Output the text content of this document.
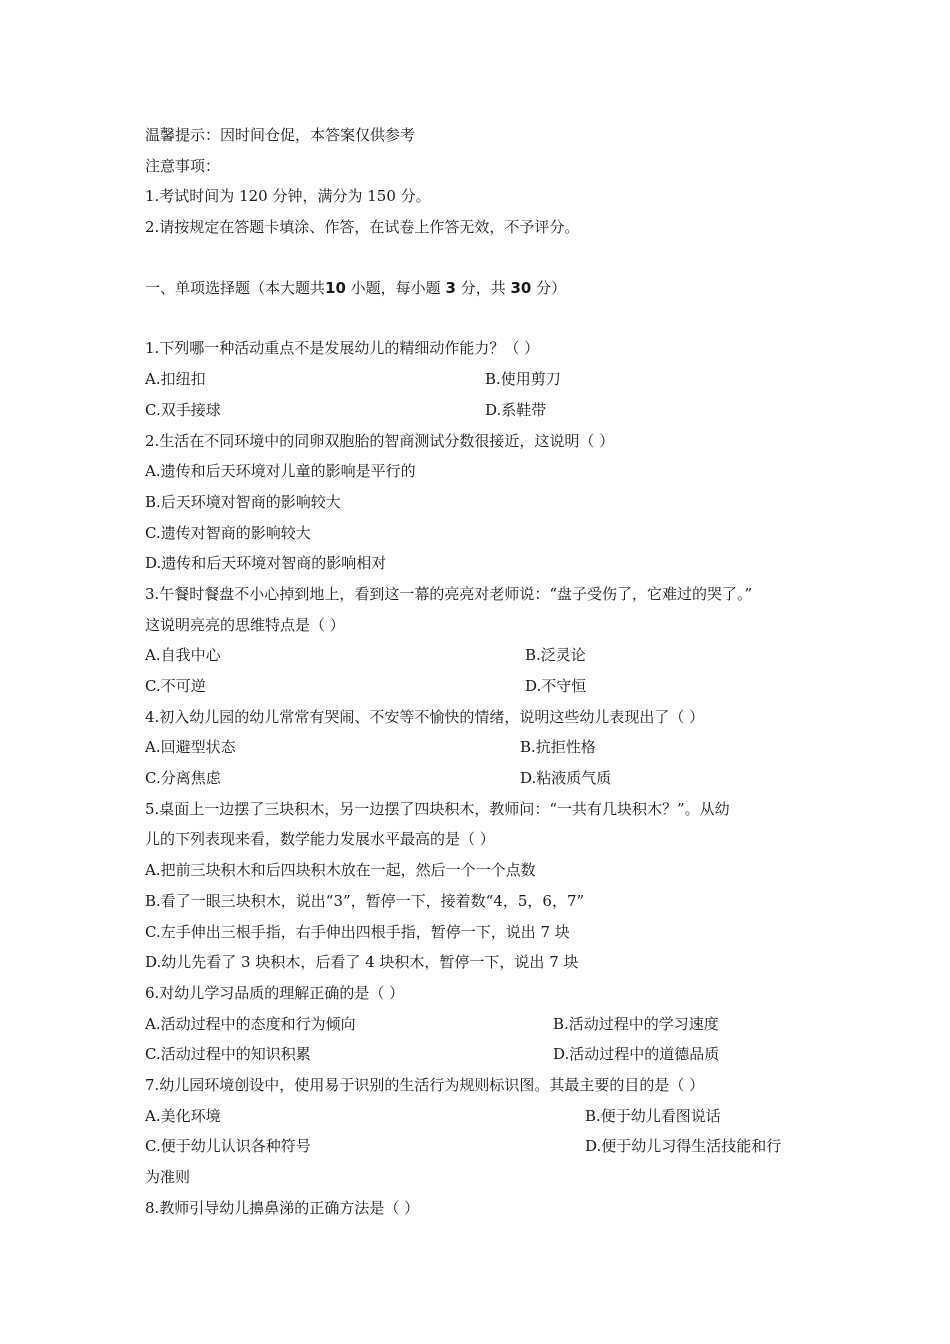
温馨提示：因时间仓促，本答案仅供参考
注意事项：
1.考试时间为 120 分钟，满分为 150 分。
2.请按规定在答题卡填涂、作答，在试卷上作答无效，不予评分。
一、单项选择题（本大题共10 小题，每小题 3 分，共 30 分）
1.下列哪一种活动重点不是发展幼儿的精细动作能力？（ ）
A.扣纽扣	B.使用剪刀
C.双手接球	D.系鞋带
2.生活在不同环境中的同卵双胞胎的智商测试分数很接近，这说明（ ）
A.遗传和后天环境对儿童的影响是平行的
B.后天环境对智商的影响较大
C.遗传对智商的影响较大
D.遗传和后天环境对智商的影响相对
3.午餐时餐盘不小心掉到地上，看到这一幕的亮亮对老师说：“盘子受伤了，它难过的哭了。”
这说明亮亮的思维特点是（ ）
A.自我中心	B.泛灵论
C.不可逆	D.不守恒
4.初入幼儿园的幼儿常常有哭闹、不安等不愉快的情绪，说明这些幼儿表现出了（ ）
A.回避型状态	B.抗拒性格
C.分离焦虑	D.粘液质气质
5.桌面上一边摆了三块积木，另一边摆了四块积木，教师问：“一共有几块积木？”。从幼
儿的下列表现来看，数学能力发展水平最高的是（ ）
A.把前三块积木和后四块积木放在一起，然后一个一个点数
B.看了一眼三块积木，说出“3”，暂停一下，接着数“4，5，6，7”
C.左手伸出三根手指，右手伸出四根手指，暂停一下，说出 7 块
D.幼儿先看了 3 块积木，后看了 4 块积木，暂停一下，说出 7 块
6.对幼儿学习品质的理解正确的是（ ）
A.活动过程中的态度和行为倾向	B.活动过程中的学习速度
C.活动过程中的知识积累	D.活动过程中的道德品质
7.幼儿园环境创设中，使用易于识别的生活行为规则标识图。其最主要的目的是（ ）
A.美化环境	B.便于幼儿看图说话
C.便于幼儿认识各种符号	D.便于幼儿习得生活技能和行
为准则
8.教师引导幼儿擤鼻涕的正确方法是（ ）
